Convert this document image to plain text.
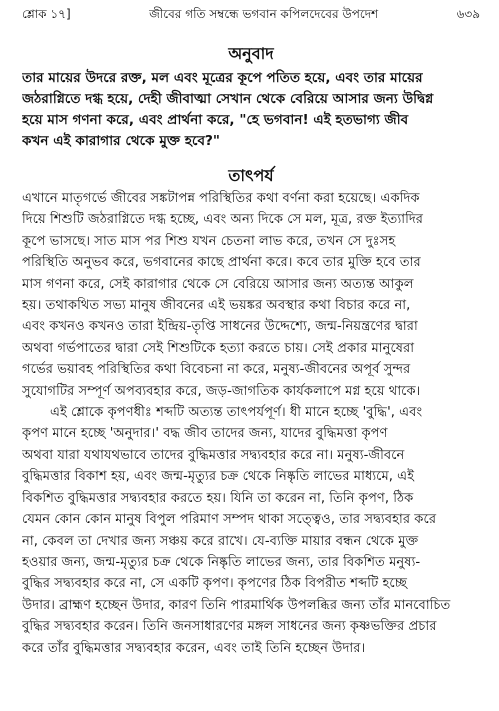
শ্লোক ১৭]	জীবের গতি সম্বন্ধে ভগবান কপিলদেবের উপদেশ	৬৩৯
অনুবাদ
তার মায়ের উদরে রক্ত, মল এবং মূত্রের কূপে পতিত হয়ে, এবং তার মায়ের
জঠরাগ্নিতে দগ্ধ হয়ে, দেহী জীবাত্মা সেখান থেকে বেরিয়ে আসার জন্য উদ্বিগ্ন
হয়ে মাস গণনা করে, এবং প্রার্থনা করে, "হে ভগবান! এই হতভাগ্য জীব
কখন এই কারাগার থেকে মুক্ত হবে?"
তাৎপর্য
এখানে মাতৃগর্ভে জীবের সঙ্কটাপন্ন পরিস্থিতির কথা বর্ণনা করা হয়েছে। একদিক
দিয়ে শিশুটি জঠরাগ্নিতে দগ্ধ হচ্ছে, এবং অন্য দিকে সে মল, মূত্র, রক্ত ইত্যাদির
কূপে ভাসছে। সাত মাস পর শিশু যখন চেতনা লাভ করে, তখন সে দুঃসহ
পরিস্থিতি অনুভব করে, ভগবানের কাছে প্রার্থনা করে। কবে তার মুক্তি হবে তার
মাস গণনা করে, সেই কারাগার থেকে সে বেরিয়ে আসার জন্য অত্যন্ত আকুল
হয়। তথাকথিত সভ্য মানুষ জীবনের এই ভয়ঙ্কর অবস্থার কথা বিচার করে না,
এবং কখনও কখনও তারা ইন্দ্রিয়-তৃপ্তি সাধনের উদ্দেশ্যে, জন্ম-নিয়ন্ত্রণের দ্বারা
অথবা গর্ভপাতের দ্বারা সেই শিশুটিকে হত্যা করতে চায়। সেই প্রকার মানুষেরা
গর্ভের ভয়াবহ পরিস্থিতির কথা বিবেচনা না করে, মনুষ্য-জীবনের অপূর্ব সুন্দর
সুযোগটির সম্পূর্ণ অপব্যবহার করে, জড়-জাগতিক কার্যকলাপে মগ্ন হয়ে থাকে।
এই শ্লোকে কৃপণধীঃ শব্দটি অত্যন্ত তাৎপর্যপূর্ণ। ধী মানে হচ্ছে 'বুদ্ধি', এবং
কৃপণ মানে হচ্ছে 'অনুদার।' বদ্ধ জীব তাদের জন্য, যাদের বুদ্ধিমত্তা কৃপণ
অথবা যারা যথাযথভাবে তাদের বুদ্ধিমত্তার সদ্ব্যবহার করে না। মনুষ্য-জীবনে
বুদ্ধিমত্তার বিকাশ হয়, এবং জন্ম-মৃত্যুর চক্র থেকে নিষ্কৃতি লাভের মাধ্যমে, এই
বিকশিত বুদ্ধিমত্তার সদ্ব্যবহার করতে হয়। যিনি তা করেন না, তিনি কৃপণ, ঠিক
যেমন কোন কোন মানুষ বিপুল পরিমাণ সম্পদ থাকা সত্ত্বেও, তার সদ্ব্যবহার করে
না, কেবল তা দেখার জন্য সঞ্চয় করে রাখে। যে-ব্যক্তি মায়ার বন্ধন থেকে মুক্ত
হওয়ার জন্য, জন্ম-মৃত্যুর চক্র থেকে নিষ্কৃতি লাভের জন্য, তার বিকশিত মনুষ্য-
বুদ্ধির সদ্ব্যবহার করে না, সে একটি কৃপণ। কৃপণের ঠিক বিপরীত শব্দটি হচ্ছে
উদার। ব্রাহ্মণ হচ্ছেন উদার, কারণ তিনি পারমার্থিক উপলব্ধির জন্য তাঁর মানবোচিত
বুদ্ধির সদ্ব্যবহার করেন। তিনি জনসাধারণের মঙ্গল সাধনের জন্য কৃষ্ণভক্তির প্রচার
করে তাঁর বুদ্ধিমত্তার সদ্ব্যবহার করেন, এবং তাই তিনি হচ্ছেন উদার।
